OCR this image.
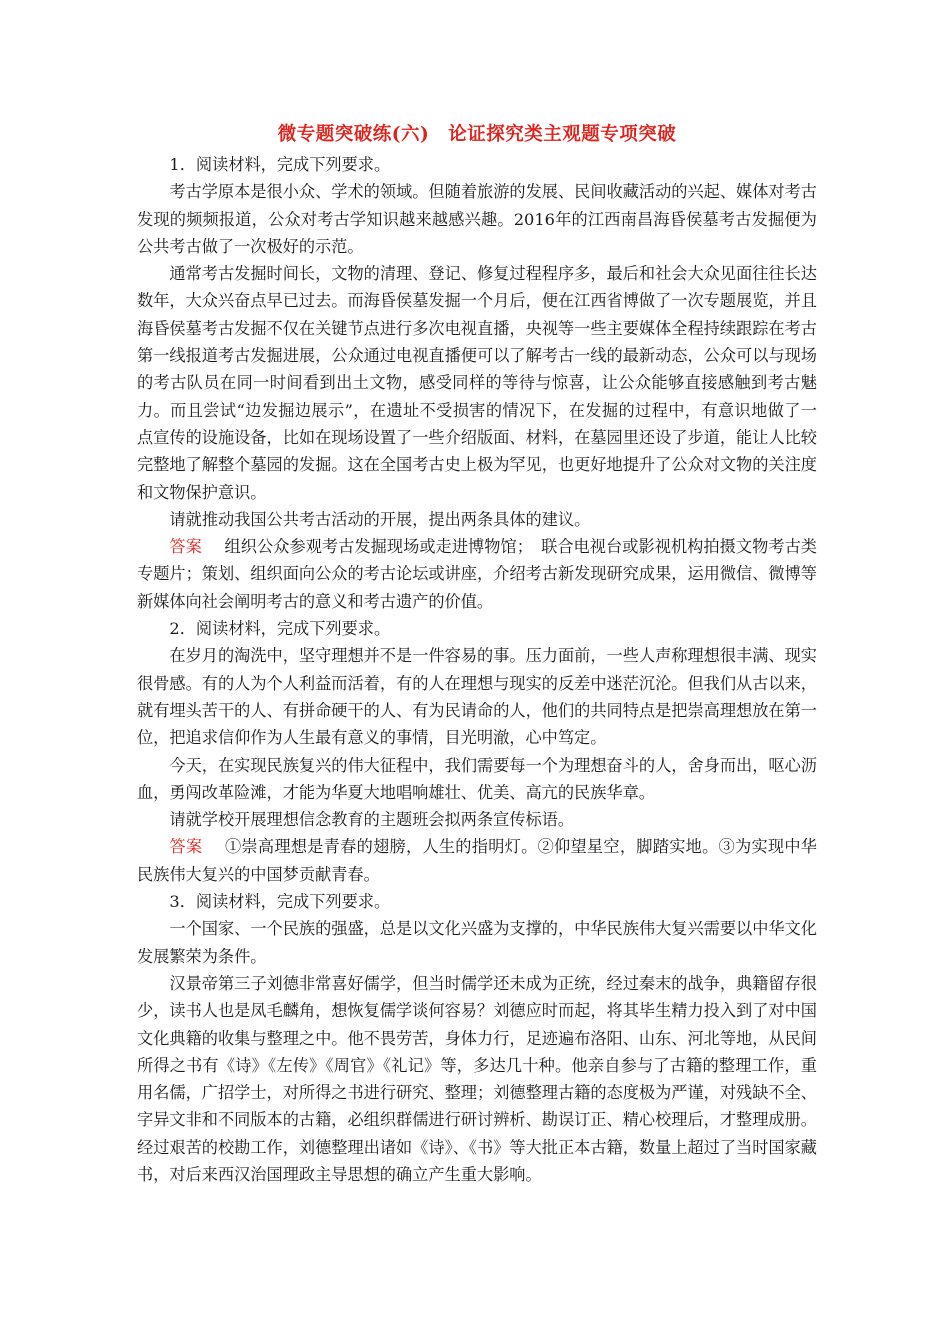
微专题突破练(六)　论证探究类主观题专项突破

1．阅读材料，完成下列要求。

考古学原本是很小众、学术的领域。但随着旅游的发展、民间收藏活动的兴起、媒体对考古发现的频频报道，公众对考古学知识越来越感兴趣。2016年的江西南昌海昏侯墓考古发掘便为公共考古做了一次极好的示范。

通常考古发掘时间长，文物的清理、登记、修复过程程序多，最后和社会大众见面往往长达数年，大众兴奋点早已过去。而海昏侯墓发掘一个月后，便在江西省博做了一次专题展览，并且海昏侯墓考古发掘不仅在关键节点进行多次电视直播，央视等一些主要媒体全程持续跟踪在考古第一线报道考古发掘进展，公众通过电视直播便可以了解考古一线的最新动态，公众可以与现场的考古队员在同一时间看到出土文物，感受同样的等待与惊喜，让公众能够直接感触到考古魅力。而且尝试“边发掘边展示”，在遗址不受损害的情况下，在发掘的过程中，有意识地做了一点宣传的设施设备，比如在现场设置了一些介绍版面、材料，在墓园里还设了步道，能让人比较完整地了解整个墓园的发掘。这在全国考古史上极为罕见，也更好地提升了公众对文物的关注度和文物保护意识。

请就推动我国公共考古活动的开展，提出两条具体的建议。

答案 组织公众参观考古发掘现场或走进博物馆；　联合电视台或影视机构拍摄文物考古类专题片；策划、组织面向公众的考古论坛或讲座，介绍考古新发现研究成果，运用微信、微博等新媒体向社会阐明考古的意义和考古遗产的价值。

2．阅读材料，完成下列要求。

在岁月的淘洗中，坚守理想并不是一件容易的事。压力面前，一些人声称理想很丰满、现实很骨感。有的人为个人利益而活着，有的人在理想与现实的反差中迷茫沉沦。但我们从古以来，就有埋头苦干的人、有拼命硬干的人、有为民请命的人，他们的共同特点是把崇高理想放在第一位，把追求信仰作为人生最有意义的事情，目光明澈，心中笃定。

今天，在实现民族复兴的伟大征程中，我们需要每一个为理想奋斗的人，舍身而出，呕心沥血，勇闯改革险滩，才能为华夏大地唱响雄壮、优美、高亢的民族华章。

请就学校开展理想信念教育的主题班会拟两条宣传标语。

答案 ①崇高理想是青春的翅膀，人生的指明灯。②仰望星空，脚踏实地。③为实现中华民族伟大复兴的中国梦贡献青春。

3．阅读材料，完成下列要求。

一个国家、一个民族的强盛，总是以文化兴盛为支撑的，中华民族伟大复兴需要以中华文化发展繁荣为条件。

汉景帝第三子刘德非常喜好儒学，但当时儒学还未成为正统，经过秦末的战争，典籍留存很少，读书人也是凤毛麟角，想恢复儒学谈何容易？刘德应时而起，将其毕生精力投入到了对中国文化典籍的收集与整理之中。他不畏劳苦，身体力行，足迹遍布洛阳、山东、河北等地，从民间所得之书有《诗》《左传》《周官》《礼记》等，多达几十种。他亲自参与了古籍的整理工作，重用名儒，广招学士，对所得之书进行研究、整理；刘德整理古籍的态度极为严谨，对残缺不全、字异文非和不同版本的古籍，必组织群儒进行研讨辨析、勘误订正、精心校理后，才整理成册。经过艰苦的校勘工作，刘德整理出诸如《诗》、《书》等大批正本古籍，数量上超过了当时国家藏书，对后来西汉治国理政主导思想的确立产生重大影响。
